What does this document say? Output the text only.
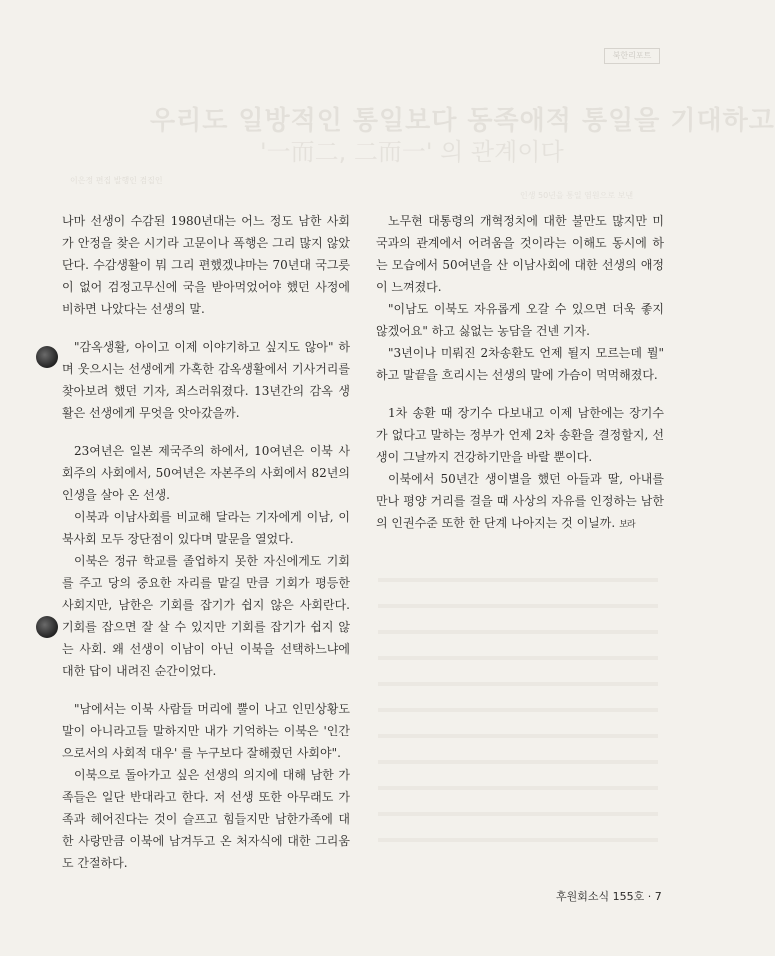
북한리포트
우리도 일방적인 통일보다 동족애적 통일을 기대하고
'一而二, 二而一' 의 관계이다
이은정 편집 발행인 겸집인
인생 50년을 통일 염원으로 보낸

나마 선생이 수감된 1980년대는 어느 정도 남한 사회가 안정을 찾은 시기라 고문이나 폭행은 그리 많지 않았단다. 수감생활이 뭐 그리 편했겠냐마는 70년대 국그릇이 없어 검정고무신에 국을 받아먹었어야 했던 사정에 비하면 나았다는 선생의 말.

"감옥생활, 아이고 이제 이야기하고 싶지도 않아" 하며 웃으시는 선생에게 가혹한 감옥생활에서 기사거리를 찾아보려 했던 기자, 죄스러워졌다. 13년간의 감옥 생활은 선생에게 무엇을 앗아갔을까.

23여년은 일본 제국주의 하에서, 10여년은 이북 사회주의 사회에서, 50여년은 자본주의 사회에서 82년의 인생을 살아 온 선생.

이북과 이남사회를 비교해 달라는 기자에게 이남, 이북사회 모두 장단점이 있다며 말문을 열었다.

이북은 정규 학교를 졸업하지 못한 자신에게도 기회를 주고 당의 중요한 자리를 맡길 만큼 기회가 평등한 사회지만, 남한은 기회를 잡기가 쉽지 않은 사회란다. 기회를 잡으면 잘 살 수 있지만 기회를 잡기가 쉽지 않는 사회. 왜 선생이 이남이 아닌 이북을 선택하느냐에 대한 답이 내려진 순간이었다.

"남에서는 이북 사람들 머리에 뿔이 나고 인민상황도 말이 아니라고들 말하지만 내가 기억하는 이북은 '인간으로서의 사회적 대우' 를 누구보다 잘해줬던 사회야".

이북으로 돌아가고 싶은 선생의 의지에 대해 남한 가족들은 일단 반대라고 한다. 저 선생 또한 아무래도 가족과 헤어진다는 것이 슬프고 힘들지만 남한가족에 대한 사랑만큼 이북에 남겨두고 온 처자식에 대한 그리움도 간절하다.

노무현 대통령의 개혁정치에 대한 불만도 많지만 미국과의 관계에서 어려움을 것이라는 이해도 동시에 하는 모습에서 50여년을 산 이남사회에 대한 선생의 애정이 느껴졌다.

"이남도 이북도 자유롭게 오갈 수 있으면 더욱 좋지 않겠어요" 하고 싫없는 농담을 건넨 기자.

"3년이나 미뤄진 2차송환도 언제 될지 모르는데 뭘" 하고 말끝을 흐리시는 선생의 말에 가슴이 먹먹해졌다.

1차 송환 때 장기수 다보내고 이제 남한에는 장기수가 없다고 말하는 정부가 언제 2차 송환을 결정할지, 선생이 그날까지 건강하기만을 바랄 뿐이다.

이북에서 50년간 생이별을 했던 아들과 딸, 아내를 만나 평양 거리를 걸을 때 사상의 자유를 인정하는 남한의 인권수준 또한 한 단계 나아지는 것 이닐까. 보라

후원회소식 155호 · 7
